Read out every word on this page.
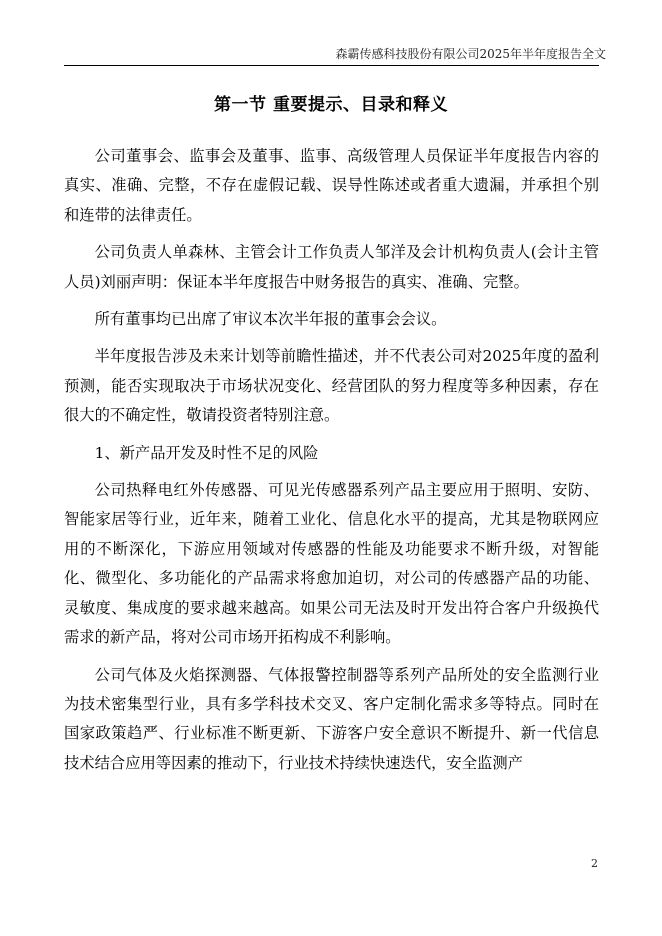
森霸传感科技股份有限公司2025年半年度报告全文
第一节 重要提示、目录和释义

公司董事会、监事会及董事、监事、高级管理人员保证半年度报告内容的真实、准确、完整，不存在虚假记载、误导性陈述或者重大遗漏，并承担个别和连带的法律责任。

公司负责人单森林、主管会计工作负责人邹洋及会计机构负责人(会计主管人员)刘丽声明：保证本半年度报告中财务报告的真实、准确、完整。

所有董事均已出席了审议本次半年报的董事会会议。

半年度报告涉及未来计划等前瞻性描述，并不代表公司对2025年度的盈利预测，能否实现取决于市场状况变化、经营团队的努力程度等多种因素，存在很大的不确定性，敬请投资者特别注意。

1、新产品开发及时性不足的风险

公司热释电红外传感器、可见光传感器系列产品主要应用于照明、安防、智能家居等行业，近年来，随着工业化、信息化水平的提高，尤其是物联网应用的不断深化，下游应用领域对传感器的性能及功能要求不断升级，对智能化、微型化、多功能化的产品需求将愈加迫切，对公司的传感器产品的功能、灵敏度、集成度的要求越来越高。如果公司无法及时开发出符合客户升级换代需求的新产品，将对公司市场开拓构成不利影响。

公司气体及火焰探测器、气体报警控制器等系列产品所处的安全监测行业为技术密集型行业，具有多学科技术交叉、客户定制化需求多等特点。同时在国家政策趋严、行业标准不断更新、下游客户安全意识不断提升、新一代信息技术结合应用等因素的推动下，行业技术持续快速迭代，安全监测产

2
